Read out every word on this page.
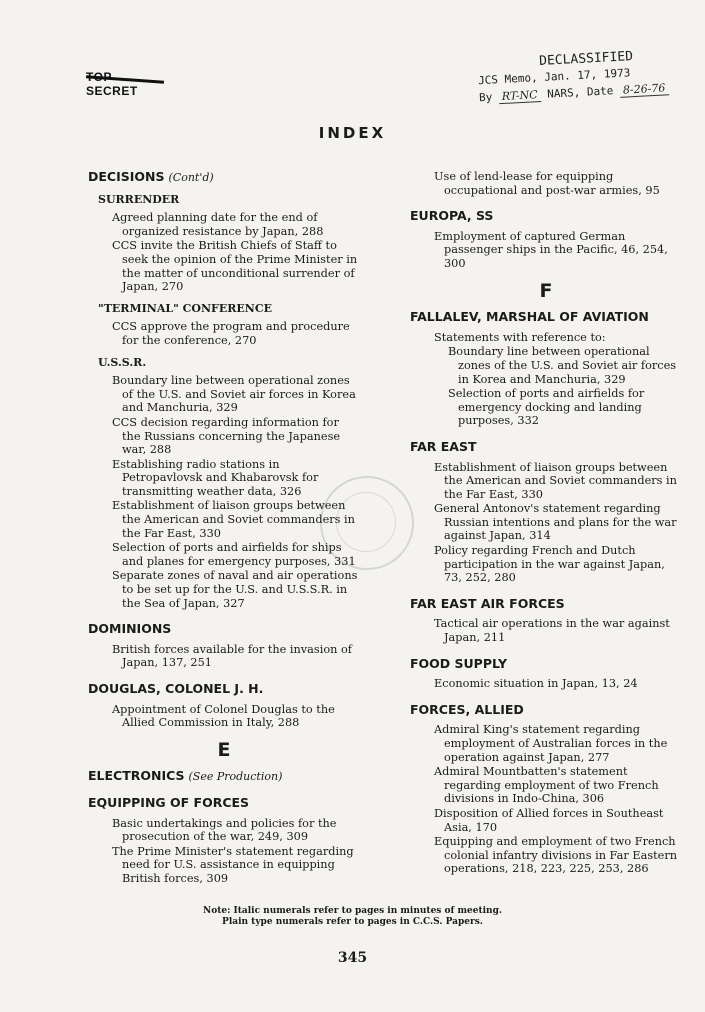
SECRET
DECLASSIFIED
JCS Memo, Jan. 17, 1973
By RT-NC NARS, Date 8-26-76
INDEX
DECISIONS (Cont'd)
SURRENDER
Agreed planning date for the end of organized resistance by Japan, 288
CCS invite the British Chiefs of Staff to seek the opinion of the Prime Minister in the matter of unconditional surrender of Japan, 270
"TERMINAL" CONFERENCE
CCS approve the program and procedure for the conference, 270
U.S.S.R.
Boundary line between operational zones of the U.S. and Soviet air forces in Korea and Manchuria, 329
CCS decision regarding information for the Russians concerning the Japanese war, 288
Establishing radio stations in Petropavlovsk and Khabarovsk for transmitting weather data, 326
Establishment of liaison groups between the American and Soviet commanders in the Far East, 330
Selection of ports and airfields for ships and planes for emergency purposes, 331
Separate zones of naval and air operations to be set up for the U.S. and U.S.S.R. in the Sea of Japan, 327
DOMINIONS
British forces available for the invasion of Japan, 137, 251
DOUGLAS, COLONEL J. H.
Appointment of Colonel Douglas to the Allied Commission in Italy, 288
E
ELECTRONICS (See Production)
EQUIPPING OF FORCES
Basic undertakings and policies for the prosecution of the war, 249, 309
The Prime Minister's statement regarding need for U.S. assistance in equipping British forces, 309
Use of lend-lease for equipping occupational and post-war armies, 95
EUROPA, SS
Employment of captured German passenger ships in the Pacific, 46, 254, 300
F
FALLALEV, MARSHAL OF AVIATION
Statements with reference to:
Boundary line between operational zones of the U.S. and Soviet air forces in Korea and Manchuria, 329
Selection of ports and airfields for emergency docking and landing purposes, 332
FAR EAST
Establishment of liaison groups between the American and Soviet commanders in the Far East, 330
General Antonov's statement regarding Russian intentions and plans for the war against Japan, 314
Policy regarding French and Dutch participation in the war against Japan, 73, 252, 280
FAR EAST AIR FORCES
Tactical air operations in the war against Japan, 211
FOOD SUPPLY
Economic situation in Japan, 13, 24
FORCES, ALLIED
Admiral King's statement regarding employment of Australian forces in the operation against Japan, 277
Admiral Mountbatten's statement regarding employment of two French divisions in Indo-China, 306
Disposition of Allied forces in Southeast Asia, 170
Equipping and employment of two French colonial infantry divisions in Far Eastern operations, 218, 223, 225, 253, 286
Note: Italic numerals refer to pages in minutes of meeting.
Plain type numerals refer to pages in C.C.S. Papers.
345
